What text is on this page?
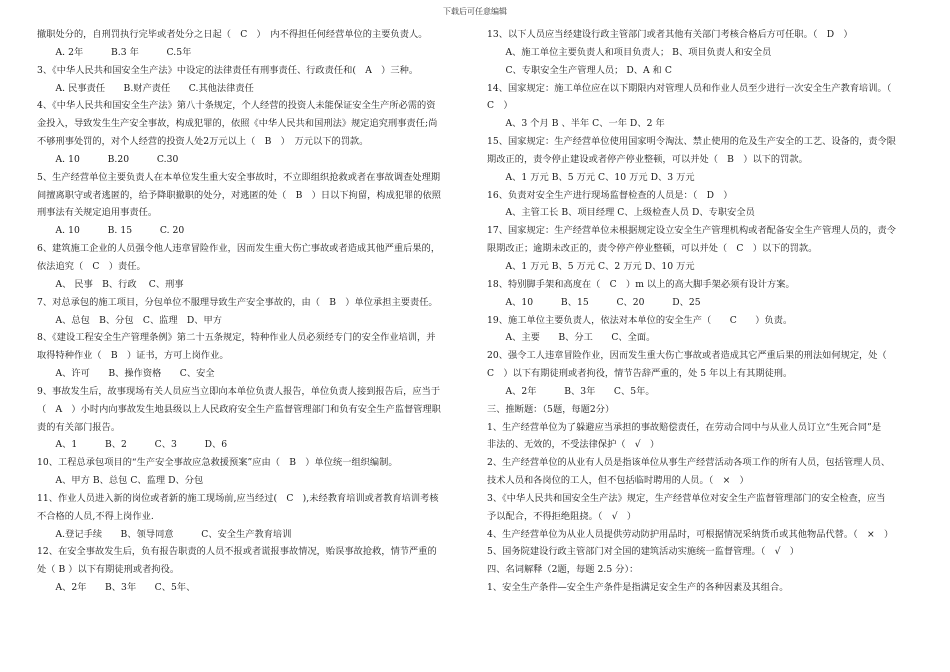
下载后可任意编辑
撤职处分的，自刑罚执行完毕或者处分之日起（　C　）　内不得担任何经营单位的主要负责人。
　　A. 2年　　　B.3 年　　　C.5年
3、《中华人民共和国安全生产法》中设定的法律责任有刑事责任、行政责任和(　A　）三种。
　　A. 民事责任　　B.财产责任　　C.其他法律责任
4、《中华人民共和国安全生产法》第八十条规定，个人经营的投资人未能保证安全生产所必需的资
金投入，导致发生生产安全事故，构成犯罪的，依照《中华人民共和国刑法》规定追究刑事责任;尚
不够刑事处罚的，对个人经营的投资人处2万元以上（　B　）　万元以下的罚款。
　　A. 10　　　B.20　　　C.30
5、生产经营单位主要负责人在本单位发生重大安全事故时，不立即组织抢救或者在事故调查处理期
间擅离职守或者逃匿的，给予降职撤职的处分，对逃匿的处（　B　）日以下拘留，构成犯罪的依照
刑事法有关规定追用事责任。
　　A. 10　　　B. 15　　　C. 20
6、建筑施工企业的人员强令他人违章冒险作业，因而发生重大伤亡事故或者造成其他严重后果的，
依法追究（　C　）责任。
　　A、 民事　B、行政　 C、刑事
7、对总承包的施工项目，分包单位不服理导致生产安全事故的，由（　B　）单位承担主要责任。
　　A、总包　B、分包　C、监理　D、甲方
8、《建设工程安全生产管理条例》第二十五条规定，特种作业人员必须经专门的安全作业培训，并
取得特种作业（　B　）证书，方可上岗作业。
　　A、许可　　B、操作资格　　C、安全
9、事故发生后，故事现场有关人员应当立即向本单位负责人报告，单位负责人接到报告后，应当于
（　A　）小时内向事故发生地县级以上人民政府安全生产监督管理部门和负有安全生产监督管理职
责的有关部门报告。
　　A、1　　　B、2　　　C、3　　　D、6
10、工程总承包项目的“生产安全事故应急救援预案”应由（　B　）单位统一组织编制。
　　A、甲方 B、总包 C、监理 D、分包
11、作业人员进入新的岗位或者新的施工现场前,应当经过(　C　),未经教育培训或者教育培训考核
不合格的人员,不得上岗作业.
　　A.登记手续　　B、领导同意　　　C、安全生产教育培训
12、在安全事故发生后，负有报告职责的人员不报或者谎报事故情况，贻误事故抢救，情节严重的
处（ B ）以下有期徒刑或者拘役。
　　A、2年　　B、3年　　C、5年、
13、以下人员应当经建设行政主管部门或者其他有关部门考核合格后方可任职。（　D　）
　　A、施工单位主要负责人和项目负责人； B、项目负责人和安全员
　　C、专职安全生产管理人员； D、A 和 C
14、国家规定：施工单位应在以下期限内对管理人员和作业人员至少进行一次安全生产教育培训。（
C　）
　　A、3 个月 B 、半年 C、一年 D、2 年
15、国家规定：生产经营单位使用国家明令淘汰、禁止使用的危及生产安全的工艺、设备的，责令限
期改正的，责令停止建设或者停产停业整顿，可以并处（　B　）以下的罚款。
　　A、1 万元 B、5 万元 C、10 万元 D、3 万元
16、负责对安全生产进行现场监督检查的人员是：（　D　）
　　A、主管工长 B、项目经理 C、上级检查人员 D、专职安全员
17、国家规定：生产经营单位未根据规定设立安全生产管理机构或者配备安全生产管理人员的，责令
限期改正；逾期未改正的，责令停产停业整顿，可以并处（　C　）以下的罚款。
　　A、1 万元 B、5 万元 C、2 万元 D、10 万元
18、特别脚手架和高度在（　C　）m 以上的高大脚手架必须有设计方案。
　　A、10　　　B、15　　　C、20　　　D、25
19、施工单位主要负责人，依法对本单位的安全生产（　　C　　）负责。
　　A、主要　　B、分工　　C、全面。
20、强令工人违章冒险作业，因而发生重大伤亡事故或者造成其它严重后果的刑法如何规定，处（
C　）以下有期徒刑或者拘役，情节告辞严重的，处 5 年以上有其期徒刑。
　　A、2年　　　B、3年　　C、5年。
三、推断题：（5题，每题2分）
1、生产经营单位为了躲避应当承担的事故赔偿责任，在劳动合同中与从业人员订立“生死合同”是
非法的、无效的，不受法律保护（　√　）
2、生产经营单位的从业有人员是指该单位从事生产经营活动各项工作的所有人员，包括管理人员、
技术人员和各岗位的工人，但不包括临时聘用的人员。（　×　）
3、《中华人民共和国安全生产法》规定，生产经营单位对安全生产监督管理部门的安全检查，应当
予以配合，不得拒绝阻挠。（　√　）
4、生产经营单位为从业人员提供劳动防护用品时，可根据情况采纳货币或其他物品代替。（　×　）
5、国务院建设行政主管部门对全国的建筑活动实施统一监督管理。（　√　）
四、名词解释（2题，每题 2.5 分）：
1、安全生产条件—安全生产条件是指满足安全生产的各种因素及其组合。
